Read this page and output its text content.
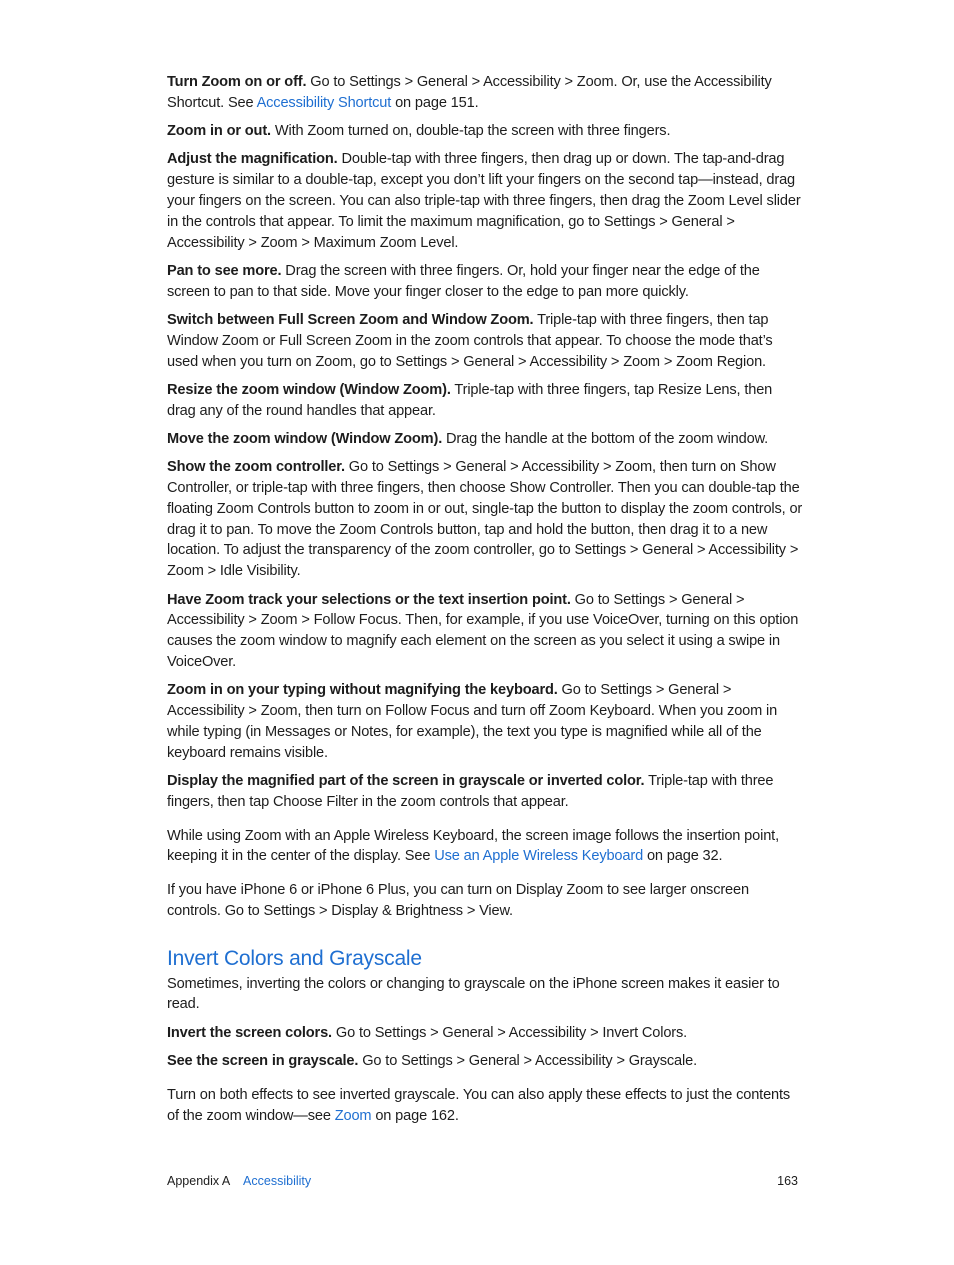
Turn Zoom on or off. Go to Settings > General > Accessibility > Zoom. Or, use the Accessibility Shortcut. See Accessibility Shortcut on page 151.

Zoom in or out. With Zoom turned on, double-tap the screen with three fingers.

Adjust the magnification. Double-tap with three fingers, then drag up or down. The tap-and-drag gesture is similar to a double-tap, except you don’t lift your fingers on the second tap—instead, drag your fingers on the screen. You can also triple-tap with three fingers, then drag the Zoom Level slider in the controls that appear. To limit the maximum magnification, go to Settings > General > Accessibility > Zoom > Maximum Zoom Level.

Pan to see more. Drag the screen with three fingers. Or, hold your finger near the edge of the screen to pan to that side. Move your finger closer to the edge to pan more quickly.

Switch between Full Screen Zoom and Window Zoom. Triple-tap with three fingers, then tap Window Zoom or Full Screen Zoom in the zoom controls that appear. To choose the mode that’s used when you turn on Zoom, go to Settings > General > Accessibility > Zoom > Zoom Region.

Resize the zoom window (Window Zoom). Triple-tap with three fingers, tap Resize Lens, then drag any of the round handles that appear.

Move the zoom window (Window Zoom). Drag the handle at the bottom of the zoom window.

Show the zoom controller. Go to Settings > General > Accessibility > Zoom, then turn on Show Controller, or triple-tap with three fingers, then choose Show Controller. Then you can double-tap the floating Zoom Controls button to zoom in or out, single-tap the button to display the zoom controls, or drag it to pan. To move the Zoom Controls button, tap and hold the button, then drag it to a new location. To adjust the transparency of the zoom controller, go to Settings > General > Accessibility > Zoom > Idle Visibility.

Have Zoom track your selections or the text insertion point. Go to Settings > General > Accessibility > Zoom > Follow Focus. Then, for example, if you use VoiceOver, turning on this option causes the zoom window to magnify each element on the screen as you select it using a swipe in VoiceOver.

Zoom in on your typing without magnifying the keyboard. Go to Settings > General > Accessibility > Zoom, then turn on Follow Focus and turn off Zoom Keyboard. When you zoom in while typing (in Messages or Notes, for example), the text you type is magnified while all of the keyboard remains visible.

Display the magnified part of the screen in grayscale or inverted color. Triple-tap with three fingers, then tap Choose Filter in the zoom controls that appear.

While using Zoom with an Apple Wireless Keyboard, the screen image follows the insertion point, keeping it in the center of the display. See Use an Apple Wireless Keyboard on page 32.

If you have iPhone 6 or iPhone 6 Plus, you can turn on Display Zoom to see larger onscreen controls. Go to Settings > Display & Brightness > View.

Invert Colors and Grayscale

Sometimes, inverting the colors or changing to grayscale on the iPhone screen makes it easier to read.

Invert the screen colors. Go to Settings > General > Accessibility > Invert Colors.

See the screen in grayscale. Go to Settings > General > Accessibility > Grayscale.

Turn on both effects to see inverted grayscale. You can also apply these effects to just the contents of the zoom window—see Zoom on page 162.

Appendix A Accessibility	163
